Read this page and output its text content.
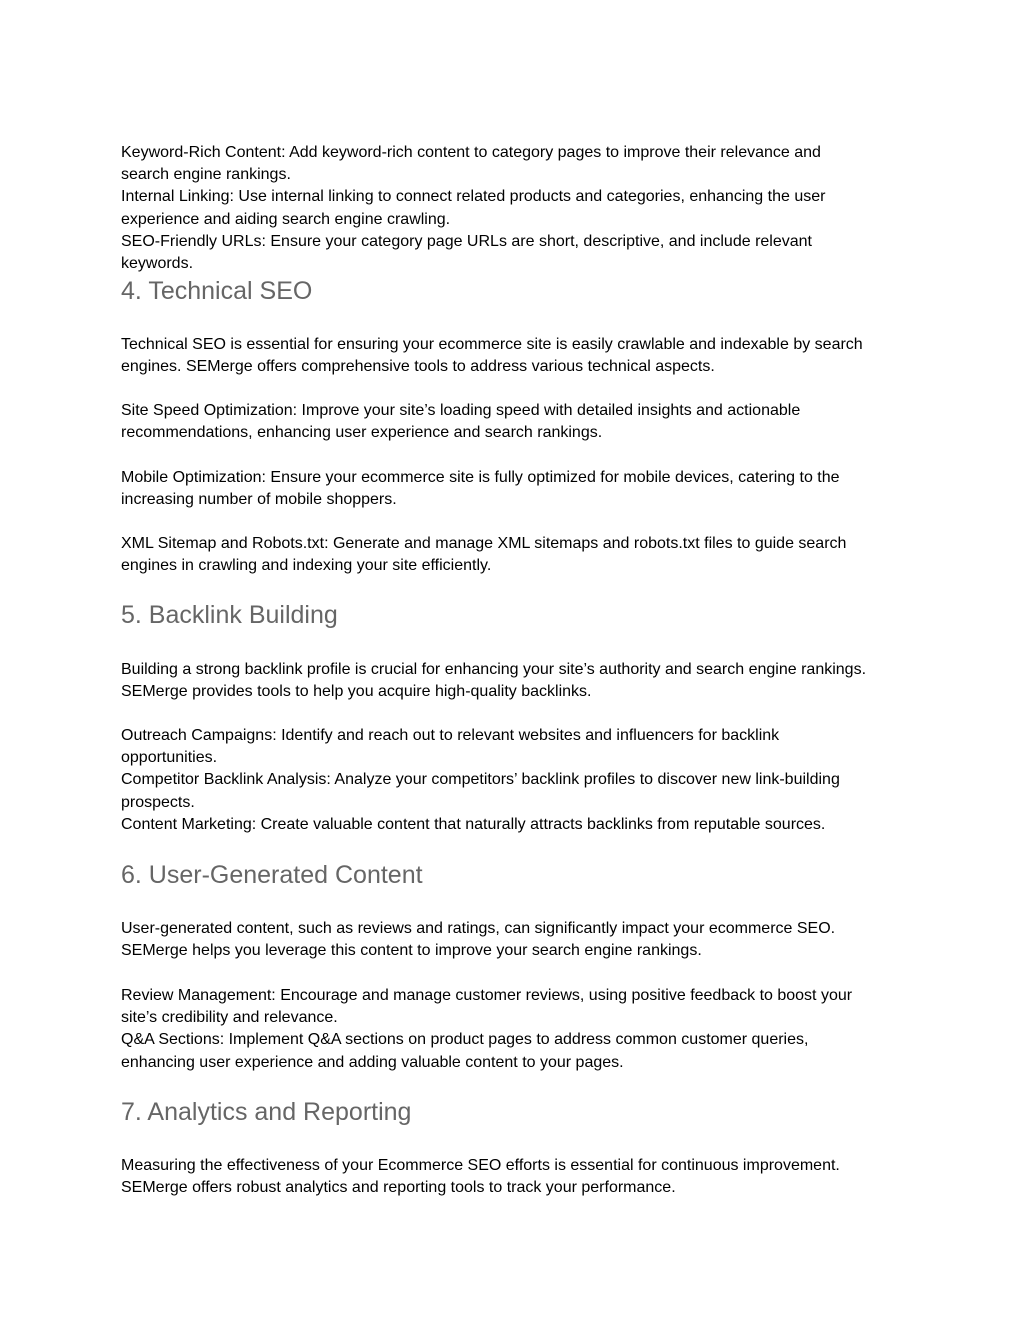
Keyword-Rich Content: Add keyword-rich content to category pages to improve their relevance and
search engine rankings.
Internal Linking: Use internal linking to connect related products and categories, enhancing the user
experience and aiding search engine crawling.
SEO-Friendly URLs: Ensure your category page URLs are short, descriptive, and include relevant
keywords.

4. Technical SEO

Technical SEO is essential for ensuring your ecommerce site is easily crawlable and indexable by search
engines. SEMerge offers comprehensive tools to address various technical aspects.

Site Speed Optimization: Improve your site’s loading speed with detailed insights and actionable
recommendations, enhancing user experience and search rankings.

Mobile Optimization: Ensure your ecommerce site is fully optimized for mobile devices, catering to the
increasing number of mobile shoppers.

XML Sitemap and Robots.txt: Generate and manage XML sitemaps and robots.txt files to guide search
engines in crawling and indexing your site efficiently.

5. Backlink Building

Building a strong backlink profile is crucial for enhancing your site’s authority and search engine rankings.
SEMerge provides tools to help you acquire high-quality backlinks.

Outreach Campaigns: Identify and reach out to relevant websites and influencers for backlink
opportunities.
Competitor Backlink Analysis: Analyze your competitors’ backlink profiles to discover new link-building
prospects.
Content Marketing: Create valuable content that naturally attracts backlinks from reputable sources.

6. User-Generated Content

User-generated content, such as reviews and ratings, can significantly impact your ecommerce SEO.
SEMerge helps you leverage this content to improve your search engine rankings.

Review Management: Encourage and manage customer reviews, using positive feedback to boost your
site’s credibility and relevance.
Q&A Sections: Implement Q&A sections on product pages to address common customer queries,
enhancing user experience and adding valuable content to your pages.

7. Analytics and Reporting

Measuring the effectiveness of your Ecommerce SEO efforts is essential for continuous improvement.
SEMerge offers robust analytics and reporting tools to track your performance.
